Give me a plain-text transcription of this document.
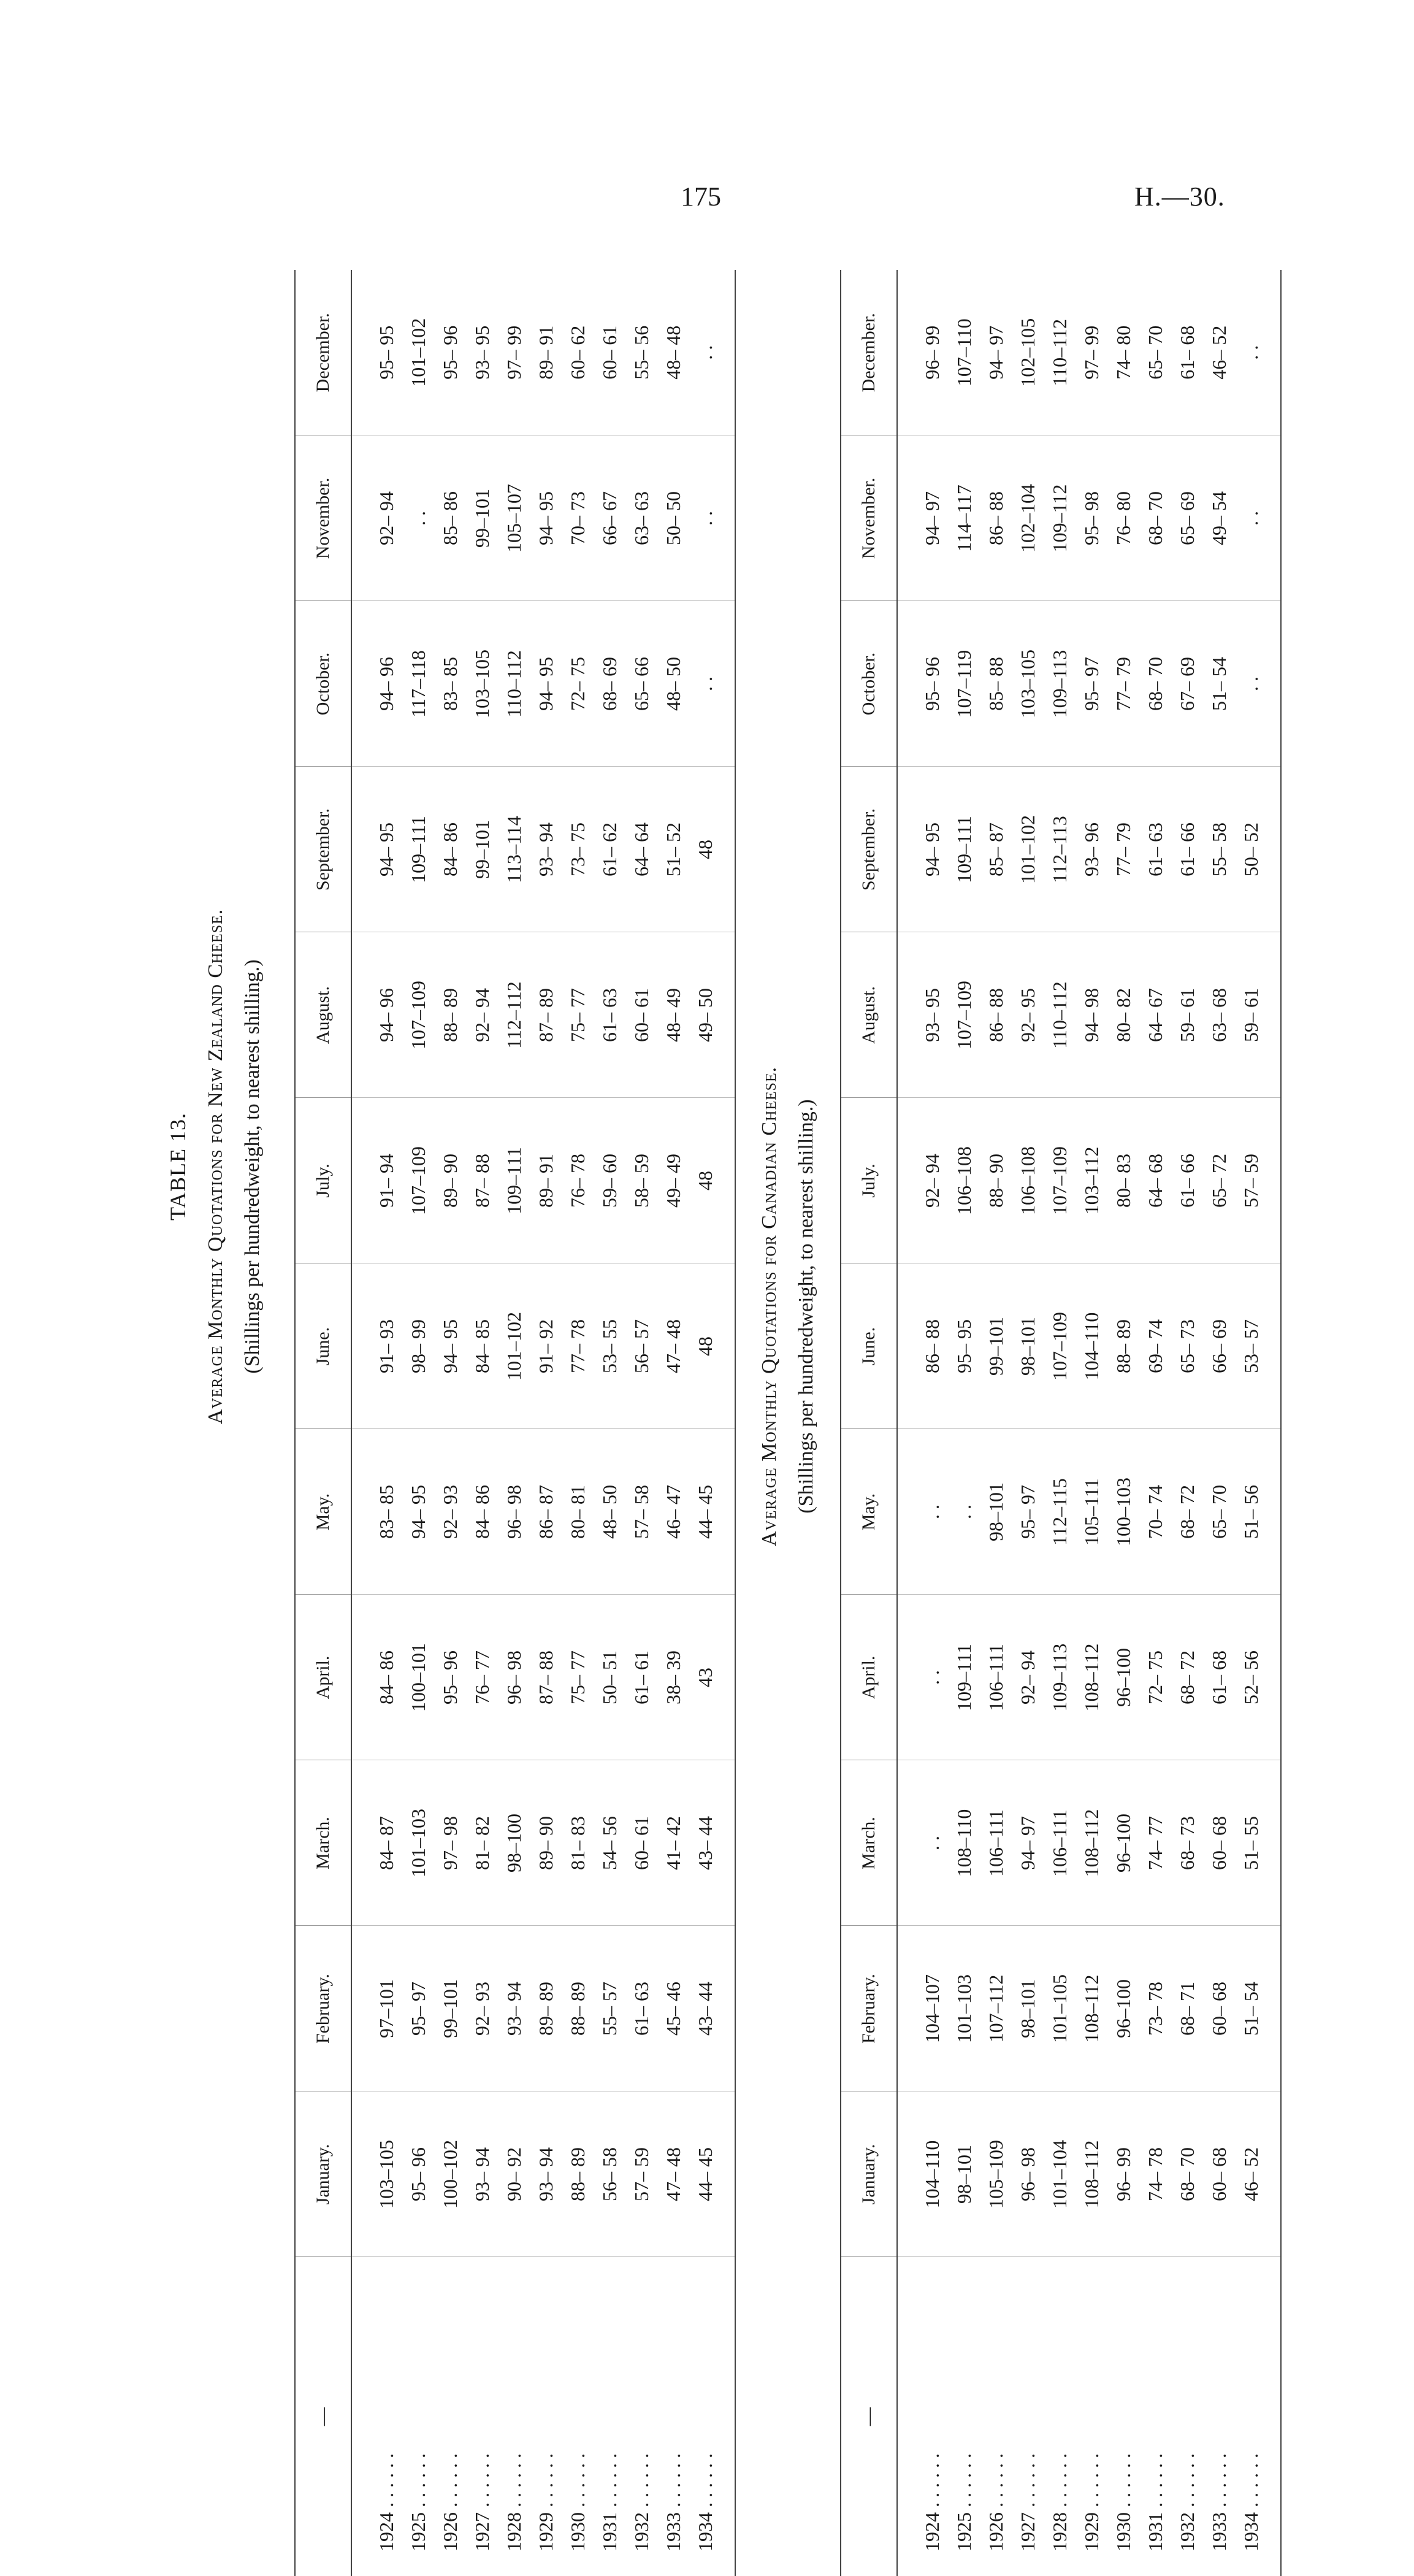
175	H.—30.
TABLE 13. Average Monthly Quotations for New Zealand Cheese. (Shillings per hundredweight, to nearest shilling.)
—	January.	February.	March.	April.	May.	June.	July.	August.	September.	October.	November.	December.
1924 . . . . . .	103–105	97–101	84– 87	84– 86	83– 85	91– 93	91– 94	94– 96	94– 95	94– 96	92– 94	95– 95
1925 . . . . . .	95– 96	95– 97	101–103	100–101	94– 95	98– 99	107–109	107–109	109–111	117–118	. .	101–102
1926 . . . . . .	100–102	99–101	97– 98	95– 96	92– 93	94– 95	89– 90	88– 89	84– 86	83– 85	85– 86	95– 96
1927 . . . . . .	93– 94	92– 93	81– 82	76– 77	84– 86	84– 85	87– 88	92– 94	99–101	103–105	99–101	93– 95
1928 . . . . . .	90– 92	93– 94	98–100	96– 98	96– 98	101–102	109–111	112–112	113–114	110–112	105–107	97– 99
1929 . . . . . .	93– 94	89– 89	89– 90	87– 88	86– 87	91– 92	89– 91	87– 89	93– 94	94– 95	94– 95	89– 91
1930 . . . . . .	88– 89	88– 89	81– 83	75– 77	80– 81	77– 78	76– 78	75– 77	73– 75	72– 75	70– 73	60– 62
1931 . . . . . .	56– 58	55– 57	54– 56	50– 51	48– 50	53– 55	59– 60	61– 63	61– 62	68– 69	66– 67	60– 61
1932 . . . . . .	57– 59	61– 63	60– 61	61– 61	57– 58	56– 57	58– 59	60– 61	64– 64	65– 66	63– 63	55– 56
1933 . . . . . .	47– 48	45– 46	41– 42	38– 39	46– 47	47– 48	49– 49	48– 49	51– 52	48– 50	50– 50	48– 48
1934 . . . . . .	44– 45	43– 44	43– 44	43	44– 45	48	48	49– 50	48	. .	. .	. .
Average Monthly Quotations for Canadian Cheese. (Shillings per hundredweight, to nearest shilling.)
—	January.	February.	March.	April.	May.	June.	July.	August.	September.	October.	November.	December.
1924 . . . . . .	104–110	104–107	. .	. .	. .	86– 88	92– 94	93– 95	94– 95	95– 96	94– 97	96– 99
1925 . . . . . .	98–101	101–103	108–110	109–111	. .	95– 95	106–108	107–109	109–111	107–119	114–117	107–110
1926 . . . . . .	105–109	107–112	106–111	106–111	98–101	99–101	88– 90	86– 88	85– 87	85– 88	86– 88	94– 97
1927 . . . . . .	96– 98	98–101	94– 97	92– 94	95– 97	98–101	106–108	92– 95	101–102	103–105	102–104	102–105
1928 . . . . . .	101–104	101–105	106–111	109–113	112–115	107–109	107–109	110–112	112–113	109–113	109–112	110–112
1929 . . . . . .	108–112	108–112	108–112	108–112	105–111	104–110	103–112	94– 98	93– 96	95– 97	95– 98	97– 99
1930 . . . . . .	96– 99	96–100	96–100	96–100	100–103	88– 89	80– 83	80– 82	77– 79	77– 79	76– 80	74– 80
1931 . . . . . .	74– 78	73– 78	74– 77	72– 75	70– 74	69– 74	64– 68	64– 67	61– 63	68– 70	68– 70	65– 70
1932 . . . . . .	68– 70	68– 71	68– 73	68– 72	68– 72	65– 73	61– 66	59– 61	61– 66	67– 69	65– 69	61– 68
1933 . . . . . .	60– 68	60– 68	60– 68	61– 68	65– 70	66– 69	65– 72	63– 68	55– 58	51– 54	49– 54	46– 52
1934 . . . . . .	46– 52	51– 54	51– 55	52– 56	51– 56	53– 57	57– 59	59– 61	50– 52	. .	. .	. .
